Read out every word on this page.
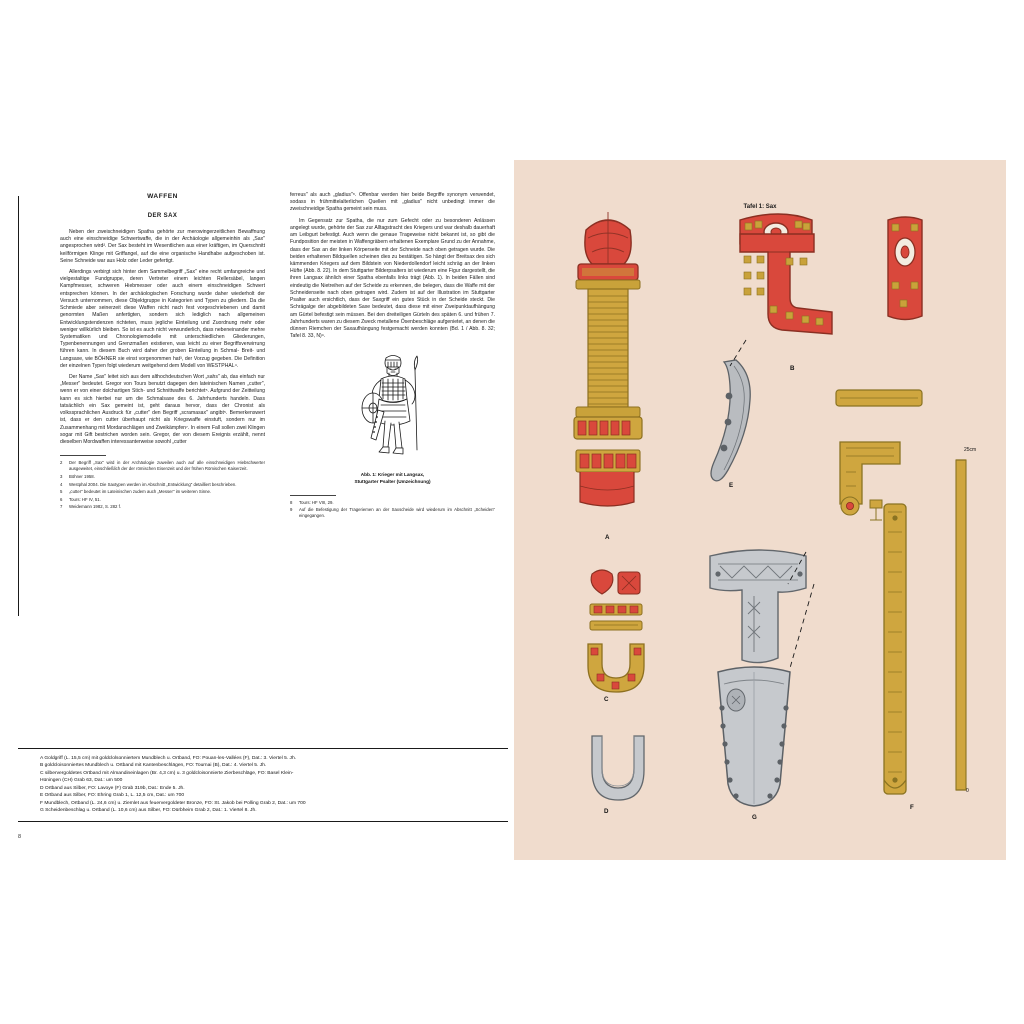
WAFFEN
DER SAX

Neben der zweischneidigen Spatha gehörte zur merowingerzeitlichen Bewaffnung auch eine einschneidige Schwertwaffe, die in der Archäologie allgemeinhin als „Sax" angesprochen wird². Der Sax besteht im Wesentlichen aus einer kräftigen, im Querschnitt keilförmigen Klinge mit Griffangel, auf die eine organische Handhabe aufgeschoben ist. Seine Schneide war aus Holz oder Leder gefertigt.

Allerdings verbirgt sich hinter dem Sammelbegriff „Sax" eine recht umfangreiche und vielgestaltige Fundgruppe, deren Vertreter einem leichten Rellersäbel, langen Kampfmesser, schweren Hiebmesser oder auch einem einschneidigen Schwert entsprechen können. In der archäologischen Forschung wurde daher wiederholt der Versuch unternommen, diese Objektgruppe in Kategorien und Typen zu gliedern. Da die Schmiede aber seinerzeit diese Waffen nicht nach fest vorgeschriebenen und damit genormten Maßen anfertigten, sondern sich lediglich nach allgemeinen Entwicklungstendenzen richteten, muss jegliche Einteilung und Zuordnung mehr oder weniger willkürlich bleiben. So ist es auch nicht verwunderlich, dass nebeneinander mehre Systematiken und Chronologiemodelle mit unterschiedlichen Gliederungen, Typenbenennungen und Grenzmaßen existieren, was leicht zu einer Begriffsverwirrung führen kann. In diesem Buch wird daher der groben Einteilung in Schmal- Breit- und Langsaxe, wie BÖHNER sie einst vorgenommen hat³, der Vorzug gegeben. Die Definition der einzelnen Typen folgt wiederum weitgehend dem Modell von WESTPHAL⁴.

Der Name „Sax" leitet sich aus dem althochdeutschen Wort „sahs" ab, das einfach nur „Messer" bedeutet. Gregor von Tours benutzt dagegen den lateinischen Namen „cutter", wenn er von einer dolchartigen Stich- und Schnittwaffe berichtet⁵. Aufgrund der Zeitteilung kann es sich hierbei nur um die Schmalsaxe des 6. Jahrhunderts handeln. Dass tatsächlich ein Sax gemeint ist, geht daraus hervor, dass der Chronist als volkssprachlichen Ausdruck für „cutter" den Begriff „scramasax" angibt⁵. Bemerkenswert ist, dass er den cutter überhaupt nicht als Kriegswaffe einstuft, sondern nur im Zusammenhang mit Mordanschlägen und Zweikämpfen⁷. In einem Fall sollen zwei Klingen sogar mit Gift bestrichen worden sein. Gregor, der von diesem Ereignis erzählt, nennt dieselben Mordwaffen interessanterweise sowohl „cutter

2	Der Begriff „Sax" wird in der Archäologie zuweilen auch auf alle einschneidigen Hiebschwerter ausgeweitet, einschließlich der der römischen Eisenzeit und der frühen Römischen Kaiserzeit.
3	Böhner 1958.
4	Westphal 2004. Die Saxtypen werden im Abschnitt „Entwicklung" detailliert beschrieben.
5	„cutter" bedeutet im Lateinischen zudem auch „Messer" im weiteren Sinne.
6	Tours: HF IV, 51.
7	Weidemann 1982, S. 282 f.

ferreus" als auch „gladius"⁸. Offenbar werden hier beide Begriffe synonym verwendet, sodass in frühmittelalterlichen Quellen mit „gladius" nicht unbedingt immer die zweischneidige Spatha gemeint sein muss.

Im Gegensatz zur Spatha, die nur zum Gefecht oder zu besonderen Anlässen angelegt wurde, gehörte der Sax zur Alltagstracht des Kriegers und war deshalb dauerhaft am Leibgurt befestigt. Auch wenn die genaue Trageweise nicht bekannt ist, so gibt die Fundposition der meisten in Waffengräbern erhaltenen Exemplare Grund zu der Annahme, dass der Sax an der linken Körperseite mit der Schneide nach oben getragen wurde. Die beiden erhaltenen Bildquellen scheinen dies zu bestätigen. So hängt der Breitsax des sich kämmenden Kriegers auf dem Bildstein von Niederdollendorf leicht schräg an der linken Hüfte (Abb. 8. 22). In dem Stuttgarter Bilderpsalters ist wiederum eine Figur dargestellt, die ihren Langsax ähnlich einer Spatha ebenfalls links trägt (Abb. 1). In beiden Fällen sind eindeutig die Nietreihen auf der Scheide zu erkennen, die belegen, dass die Waffe mit der Schneidenseite nach oben getragen wird. Zudem ist auf der Illustration im Stuttgarter Psalter auch ersichtlich, dass der Saxgriff ein gutes Stück in der Scheide steckt. Die Schrägalge der abgebildeten Saxe bedeutet, dass diese mit einer Zweipunktaufhängung am Gürtel befestigt sein müssen. Bei den dreiteiligen Gürteln des späten 6. und frühen 7. Jahrhunderts waren zu diesem Zweck metallene Ösenbeschläge aufgenietet, an denen die dünnen Riemchen der Saxaufhängung festgemacht werden konnten (Bd. 1 / Abb. 8. 32; Tafel 8. 33, N)⁹.

Abb. 1: Krieger mit Langsax,
Stuttgarter Psalter (Umzeichnung)
8	Tours: HF VIII, 29.
9	Auf die Befestigung der Trageriemen an der Saxscheide wird wiederum im Abschnitt „Scheiden" eingegangen.
8
A Goldgriff (L. 15,5 cm) mit goldclolsonniertem Mundblech u. Ortband, FO: Pouan-les-Vallées (F), Dat.: 3. Viertel 5. Jh.
B goldcloisonniertes Mundblech u. Ortband mit Kantenbeschlägen, FO: Tournai (B), Dat.: 4. Viertel 5. Jh.
C silbervergoldetes Ortband mit Almandineinlagen (Br. 4,3 cm) u. 3 goldcloisonnierte Zierbeschläge, FO: Basel Klein-
Hüningen (CH) Grab 63, Dat.: um 500
D Ortband aus Silber, FO: Lavoye (F) Grab 319b, Dat.: Ende 5. Jh.
E Ortband aus Silber, FO: Ehring Grab 1, L. 12,5 cm, Dat.: um 700
F Mundblech, Ortband (L. 24,6 cm) u. Ziemlet aus feuervergoldeter Bronze, FO: St. Jakob bei Polling Grab 2, Dat.: um 700
G Scheidenbeschlag u. Ortband (L. 10,6 cm) aus Silber, FO: Dürbheim Grab 2, Dat.: 1. Viertel 8. Jh.
Tafel 1: Sax
A
B
C
D
E
F
G
25cm
0
